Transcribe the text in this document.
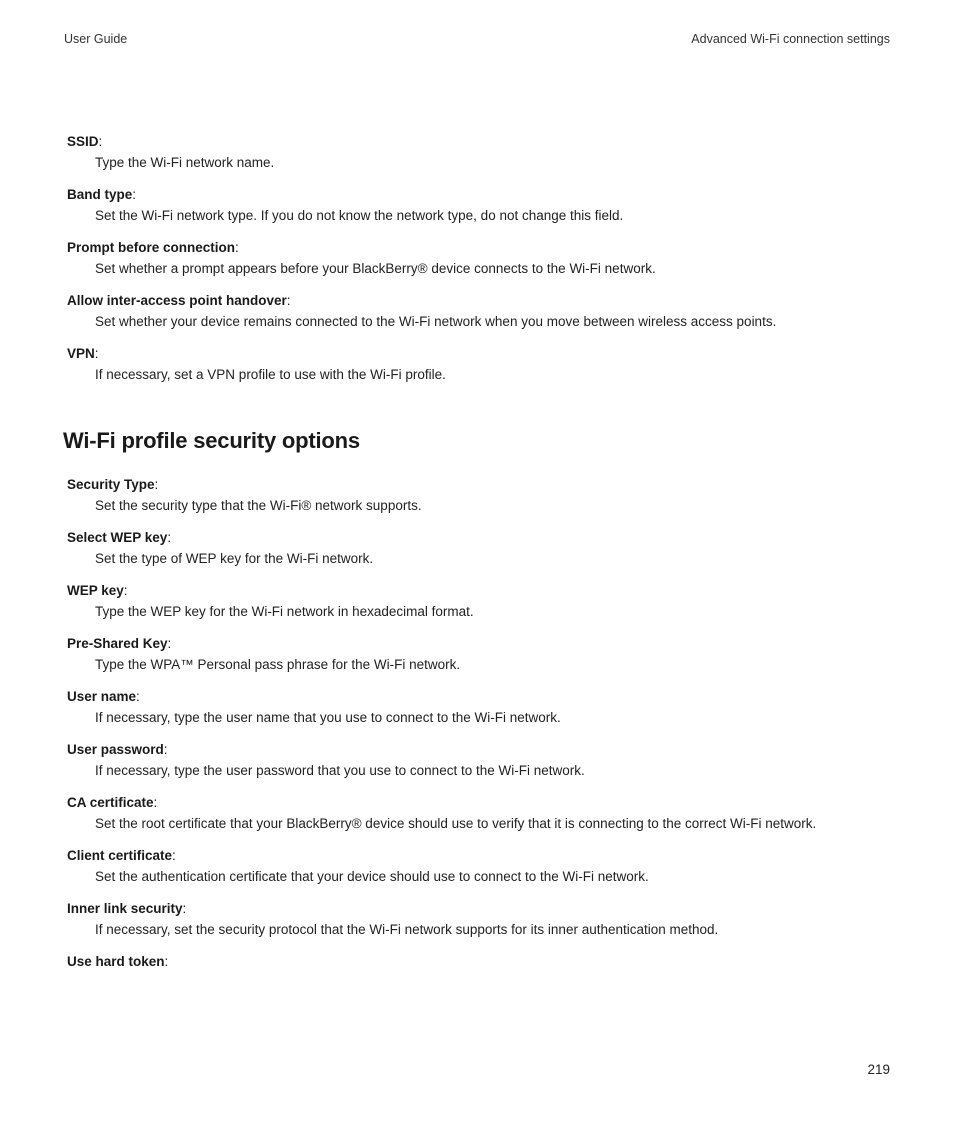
User Guide	Advanced Wi-Fi connection settings
SSID:
Type the Wi-Fi network name.
Band type:
Set the Wi-Fi network type. If you do not know the network type, do not change this field.
Prompt before connection:
Set whether a prompt appears before your BlackBerry® device connects to the Wi-Fi network.
Allow inter-access point handover:
Set whether your device remains connected to the Wi-Fi network when you move between wireless access points.
VPN:
If necessary, set a VPN profile to use with the Wi-Fi profile.
Wi-Fi profile security options
Security Type:
Set the security type that the Wi-Fi® network supports.
Select WEP key:
Set the type of WEP key for the Wi-Fi network.
WEP key:
Type the WEP key for the Wi-Fi network in hexadecimal format.
Pre-Shared Key:
Type the WPA™ Personal pass phrase for the Wi-Fi network.
User name:
If necessary, type the user name that you use to connect to the Wi-Fi network.
User password:
If necessary, type the user password that you use to connect to the Wi-Fi network.
CA certificate:
Set the root certificate that your BlackBerry® device should use to verify that it is connecting to the correct Wi-Fi network.
Client certificate:
Set the authentication certificate that your device should use to connect to the Wi-Fi network.
Inner link security:
If necessary, set the security protocol that the Wi-Fi network supports for its inner authentication method.
Use hard token:
219
